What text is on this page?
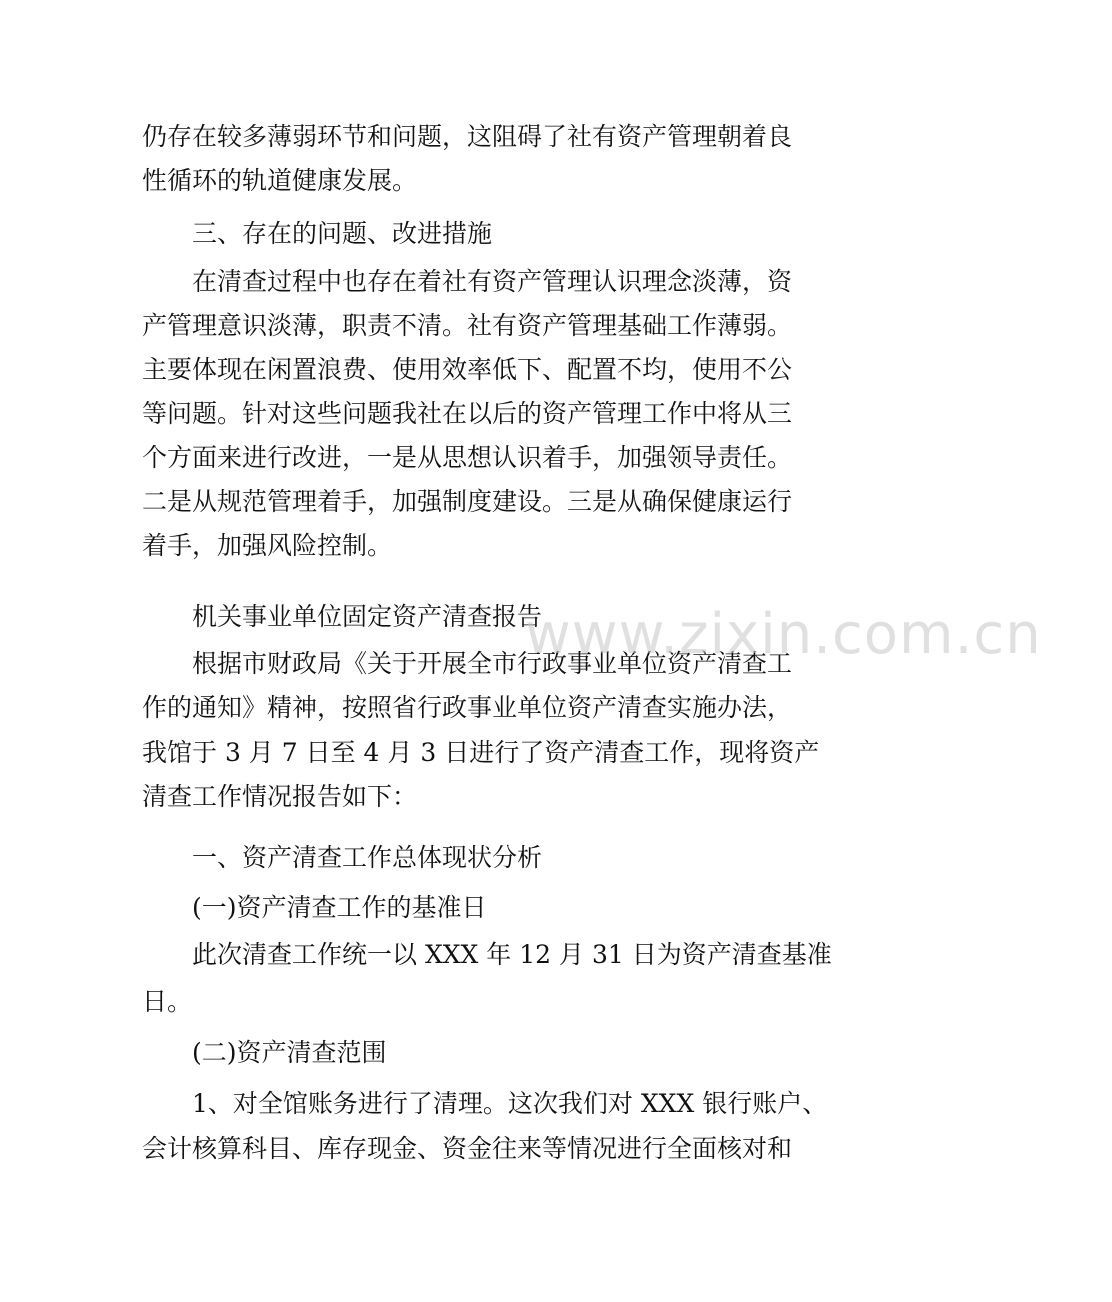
仍存在较多薄弱环节和问题，这阻碍了社有资产管理朝着良
性循环的轨道健康发展。
三、存在的问题、改进措施
在清查过程中也存在着社有资产管理认识理念淡薄，资
产管理意识淡薄，职责不清。社有资产管理基础工作薄弱。
主要体现在闲置浪费、使用效率低下、配置不均，使用不公
等问题。针对这些问题我社在以后的资产管理工作中将从三
个方面来进行改进，一是从思想认识着手，加强领导责任。
二是从规范管理着手，加强制度建设。三是从确保健康运行
着手，加强风险控制。
机关事业单位固定资产清查报告
根据市财政局《关于开展全市行政事业单位资产清查工
作的通知》精神，按照省行政事业单位资产清查实施办法，
我馆于 3 月 7 日至 4 月 3 日进行了资产清查工作，现将资产
清查工作情况报告如下：
一、资产清查工作总体现状分析
(一)资产清查工作的基准日
此次清查工作统一以 XXX 年 12 月 31 日为资产清查基准
日。
(二)资产清查范围
1、对全馆账务进行了清理。这次我们对 XXX 银行账户、
会计核算科目、库存现金、资金往来等情况进行全面核对和
www.zixin.com.cn
